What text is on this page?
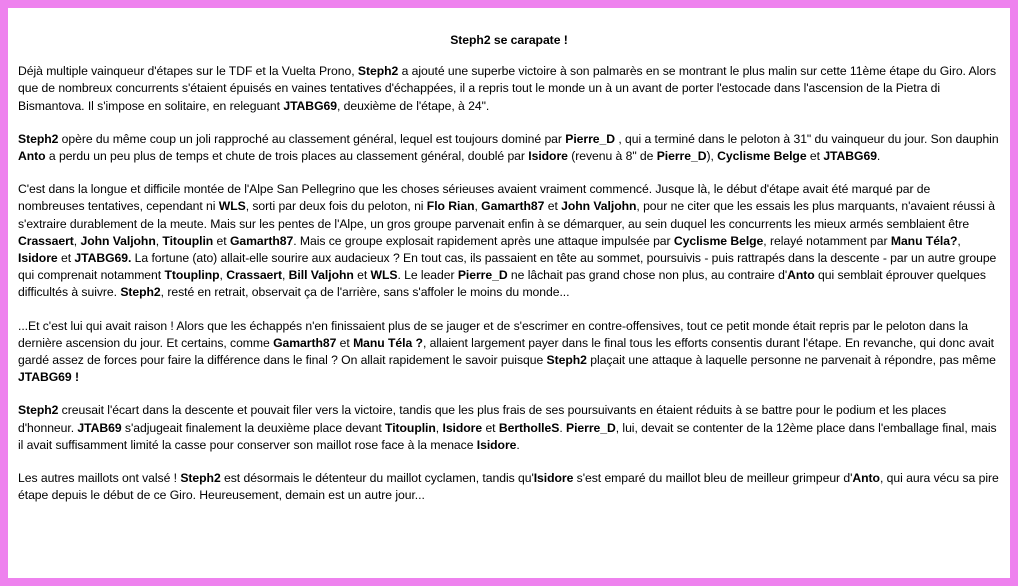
Steph2 se carapate !

Déjà multiple vainqueur d'étapes sur le TDF et la Vuelta Prono, Steph2 a ajouté une superbe victoire à son palmarès en se montrant le plus malin sur cette 11ème étape du Giro. Alors que de nombreux concurrents s'étaient épuisés en vaines tentatives d'échappées, il a repris tout le monde un à un avant de porter l'estocade dans l'ascension de la Pietra di Bismantova. Il s'impose en solitaire, en releguant JTABG69, deuxième de l'étape, à 24".

Steph2 opère du même coup un joli rapproché au classement général, lequel est toujours dominé par Pierre_D , qui a terminé dans le peloton à 31" du vainqueur du jour. Son dauphin Anto a perdu un peu plus de temps et chute de trois places au classement général, doublé par Isidore (revenu à 8" de Pierre_D), Cyclisme Belge et JTABG69.

C'est dans la longue et difficile montée de l'Alpe San Pellegrino que les choses sérieuses avaient vraiment commencé. Jusque là, le début d'étape avait été marqué par de nombreuses tentatives, cependant ni WLS, sorti par deux fois du peloton, ni Flo Rian, Gamarth87 et John Valjohn, pour ne citer que les essais les plus marquants, n'avaient réussi à s'extraire durablement de la meute. Mais sur les pentes de l'Alpe, un gros groupe parvenait enfin à se démarquer, au sein duquel les concurrents les mieux armés semblaient être Crassaert, John Valjohn, Titouplin et Gamarth87. Mais ce groupe explosait rapidement après une attaque impulsée par Cyclisme Belge, relayé notamment par Manu Téla?, Isidore et JTABG69. La fortune (ato) allait-elle sourire aux audacieux ? En tout cas, ils passaient en tête au sommet, poursuivis - puis rattrapés dans la descente - par un autre groupe qui comprenait notamment Ttouplinp, Crassaert, Bill Valjohn et WLS. Le leader Pierre_D ne lâchait pas grand chose non plus, au contraire d'Anto qui semblait éprouver quelques difficultés à suivre. Steph2, resté en retrait, observait ça de l'arrière, sans s'affoler le moins du monde...

...Et c'est lui qui avait raison ! Alors que les échappés n'en finissaient plus de se jauger et de s'escrimer en contre-offensives, tout ce petit monde était repris par le peloton dans la dernière ascension du jour. Et certains, comme Gamarth87 et Manu Téla ?, allaient largement payer dans le final tous les efforts consentis durant l'étape. En revanche, qui donc avait gardé assez de forces pour faire la différence dans le final ? On allait rapidement le savoir puisque Steph2 plaçait une attaque à laquelle personne ne parvenait à répondre, pas même JTABG69 !

Steph2 creusait l'écart dans la descente et pouvait filer vers la victoire, tandis que les plus frais de ses poursuivants en étaient réduits à se battre pour le podium et les places d'honneur. JTAB69 s'adjugeait finalement la deuxième place devant Titouplin, Isidore et BertholleS. Pierre_D, lui, devait se contenter de la 12ème place dans l'emballage final, mais il avait suffisamment limité la casse pour conserver son maillot rose face à la menace Isidore.

Les autres maillots ont valsé ! Steph2 est désormais le détenteur du maillot cyclamen, tandis qu'Isidore s'est emparé du maillot bleu de meilleur grimpeur d'Anto, qui aura vécu sa pire étape depuis le début de ce Giro. Heureusement, demain est un autre jour...
